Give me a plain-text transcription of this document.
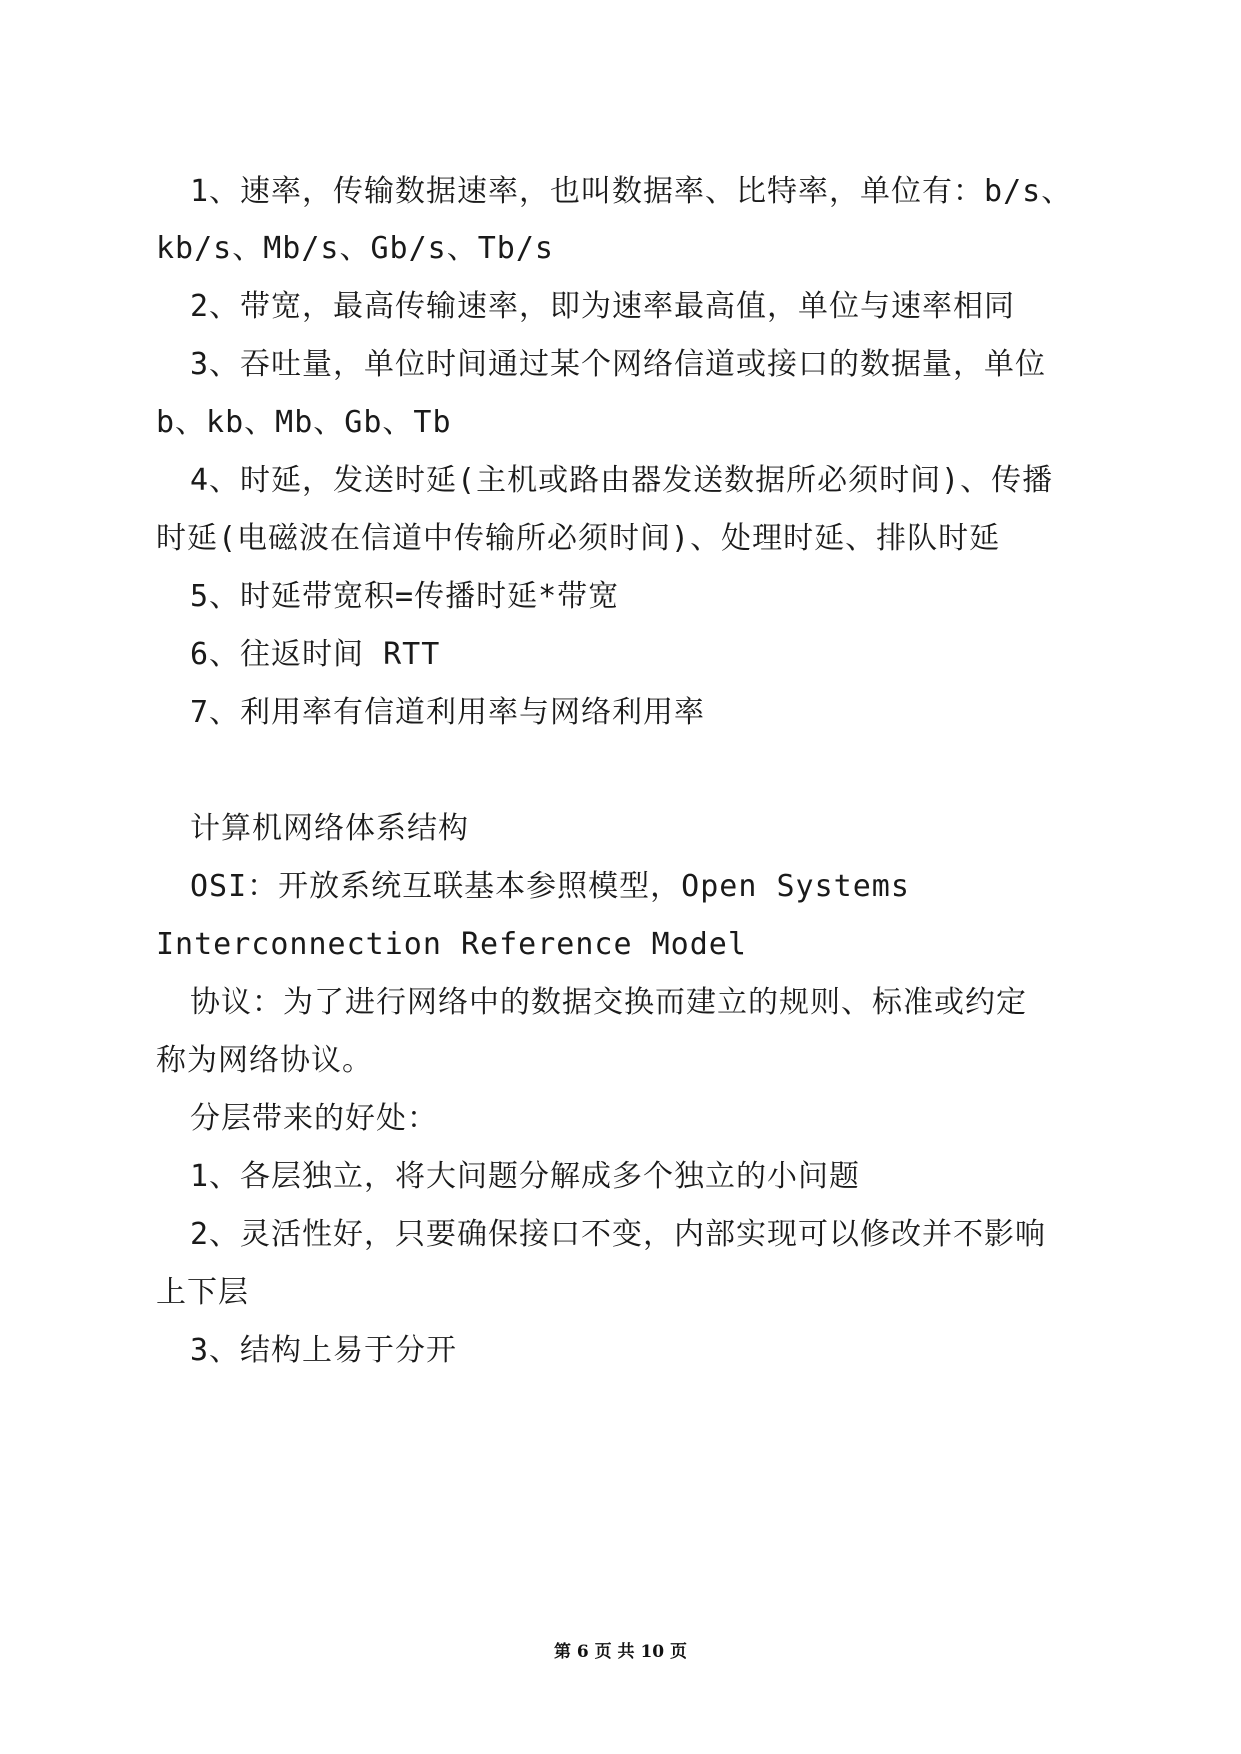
1、速率，传输数据速率，也叫数据率、比特率，单位有：b/s、
kb/s、Mb/s、Gb/s、Tb/s
2、带宽，最高传输速率，即为速率最高值，单位与速率相同
3、吞吐量，单位时间通过某个网络信道或接口的数据量，单位
b、kb、Mb、Gb、Tb
4、时延，发送时延(主机或路由器发送数据所必须时间)、传播
时延(电磁波在信道中传输所必须时间)、处理时延、排队时延
5、时延带宽积=传播时延*带宽
6、往返时间 RTT
7、利用率有信道利用率与网络利用率
计算机网络体系结构
OSI：开放系统互联基本参照模型，Open Systems
Interconnection Reference Model
协议：为了进行网络中的数据交换而建立的规则、标准或约定
称为网络协议。
分层带来的好处：
1、各层独立，将大问题分解成多个独立的小问题
2、灵活性好，只要确保接口不变，内部实现可以修改并不影响
上下层
3、结构上易于分开
第 6 页 共 10 页
